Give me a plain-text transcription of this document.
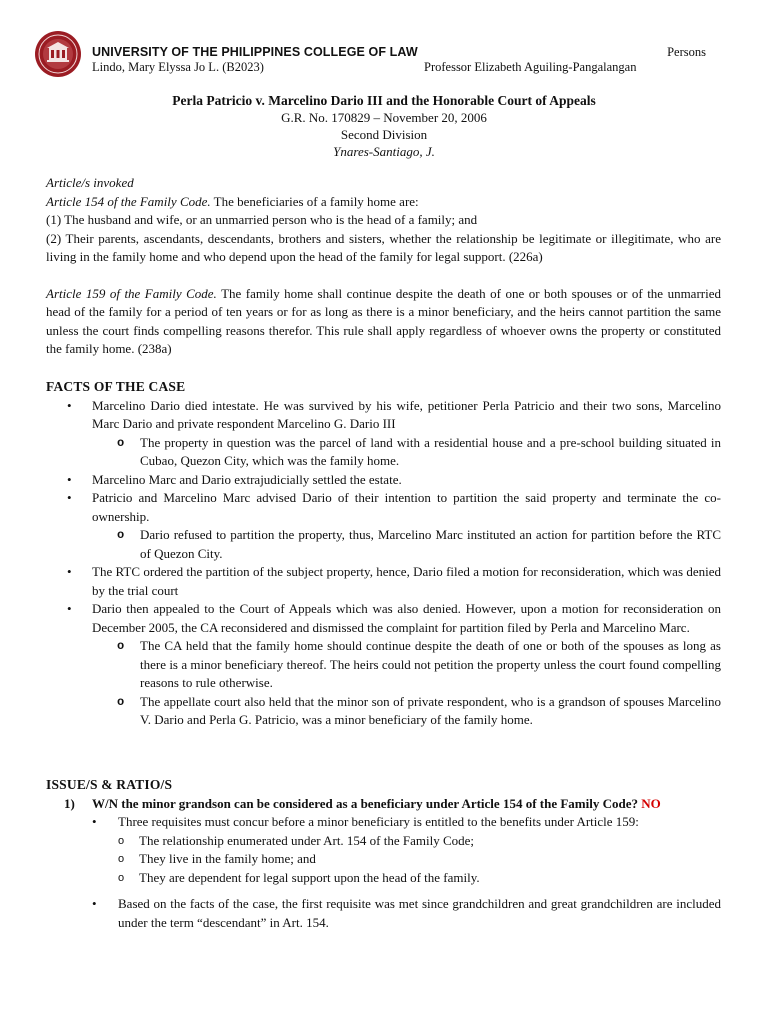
UNIVERSITY OF THE PHILIPPINES COLLEGE OF LAW	Persons
Lindo, Mary Elyssa Jo L. (B2023)	Professor Elizabeth Aguiling-Pangalangan
Perla Patricio v. Marcelino Dario III and the Honorable Court of Appeals
G.R. No. 170829 – November 20, 2006
Second Division
Ynares-Santiago, J.

Article/s invoked

Article 154 of the Family Code. The beneficiaries of a family home are:

(1) The husband and wife, or an unmarried person who is the head of a family; and

(2) Their parents, ascendants, descendants, brothers and sisters, whether the relationship be legitimate or illegitimate, who are living in the family home and who depend upon the head of the family for legal support. (226a)

Article 159 of the Family Code. The family home shall continue despite the death of one or both spouses or of the unmarried head of the family for a period of ten years or for as long as there is a minor beneficiary, and the heirs cannot partition the same unless the court finds compelling reasons therefor. This rule shall apply regardless of whoever owns the property or constituted the family home. (238a)

FACTS OF THE CASE

• Marcelino Dario died intestate. He was survived by his wife, petitioner Perla Patricio and their two sons, Marcelino Marc Dario and private respondent Marcelino G. Dario III
o The property in question was the parcel of land with a residential house and a pre-school building situated in Cubao, Quezon City, which was the family home.
• Marcelino Marc and Dario extrajudicially settled the estate.
• Patricio and Marcelino Marc advised Dario of their intention to partition the said property and terminate the co-ownership.
o Dario refused to partition the property, thus, Marcelino Marc instituted an action for partition before the RTC of Quezon City.
• The RTC ordered the partition of the subject property, hence, Dario filed a motion for reconsideration, which was denied by the trial court
• Dario then appealed to the Court of Appeals which was also denied. However, upon a motion for reconsideration on December 2005, the CA reconsidered and dismissed the complaint for partition filed by Perla and Marcelino Marc.
o The CA held that the family home should continue despite the death of one or both of the spouses as long as there is a minor beneficiary thereof. The heirs could not petition the property unless the court found compelling reasons to rule otherwise.
o The appellate court also held that the minor son of private respondent, who is a grandson of spouses Marcelino V. Dario and Perla G. Patricio, was a minor beneficiary of the family home.

ISSUE/S & RATIO/S

1) W/N the minor grandson can be considered as a beneficiary under Article 154 of the Family Code? NO
• Three requisites must concur before a minor beneficiary is entitled to the benefits under Article 159:
o The relationship enumerated under Art. 154 of the Family Code;
o They live in the family home; and
o They are dependent for legal support upon the head of the family.
• Based on the facts of the case, the first requisite was met since grandchildren and great grandchildren are included under the term “descendant” in Art. 154.
